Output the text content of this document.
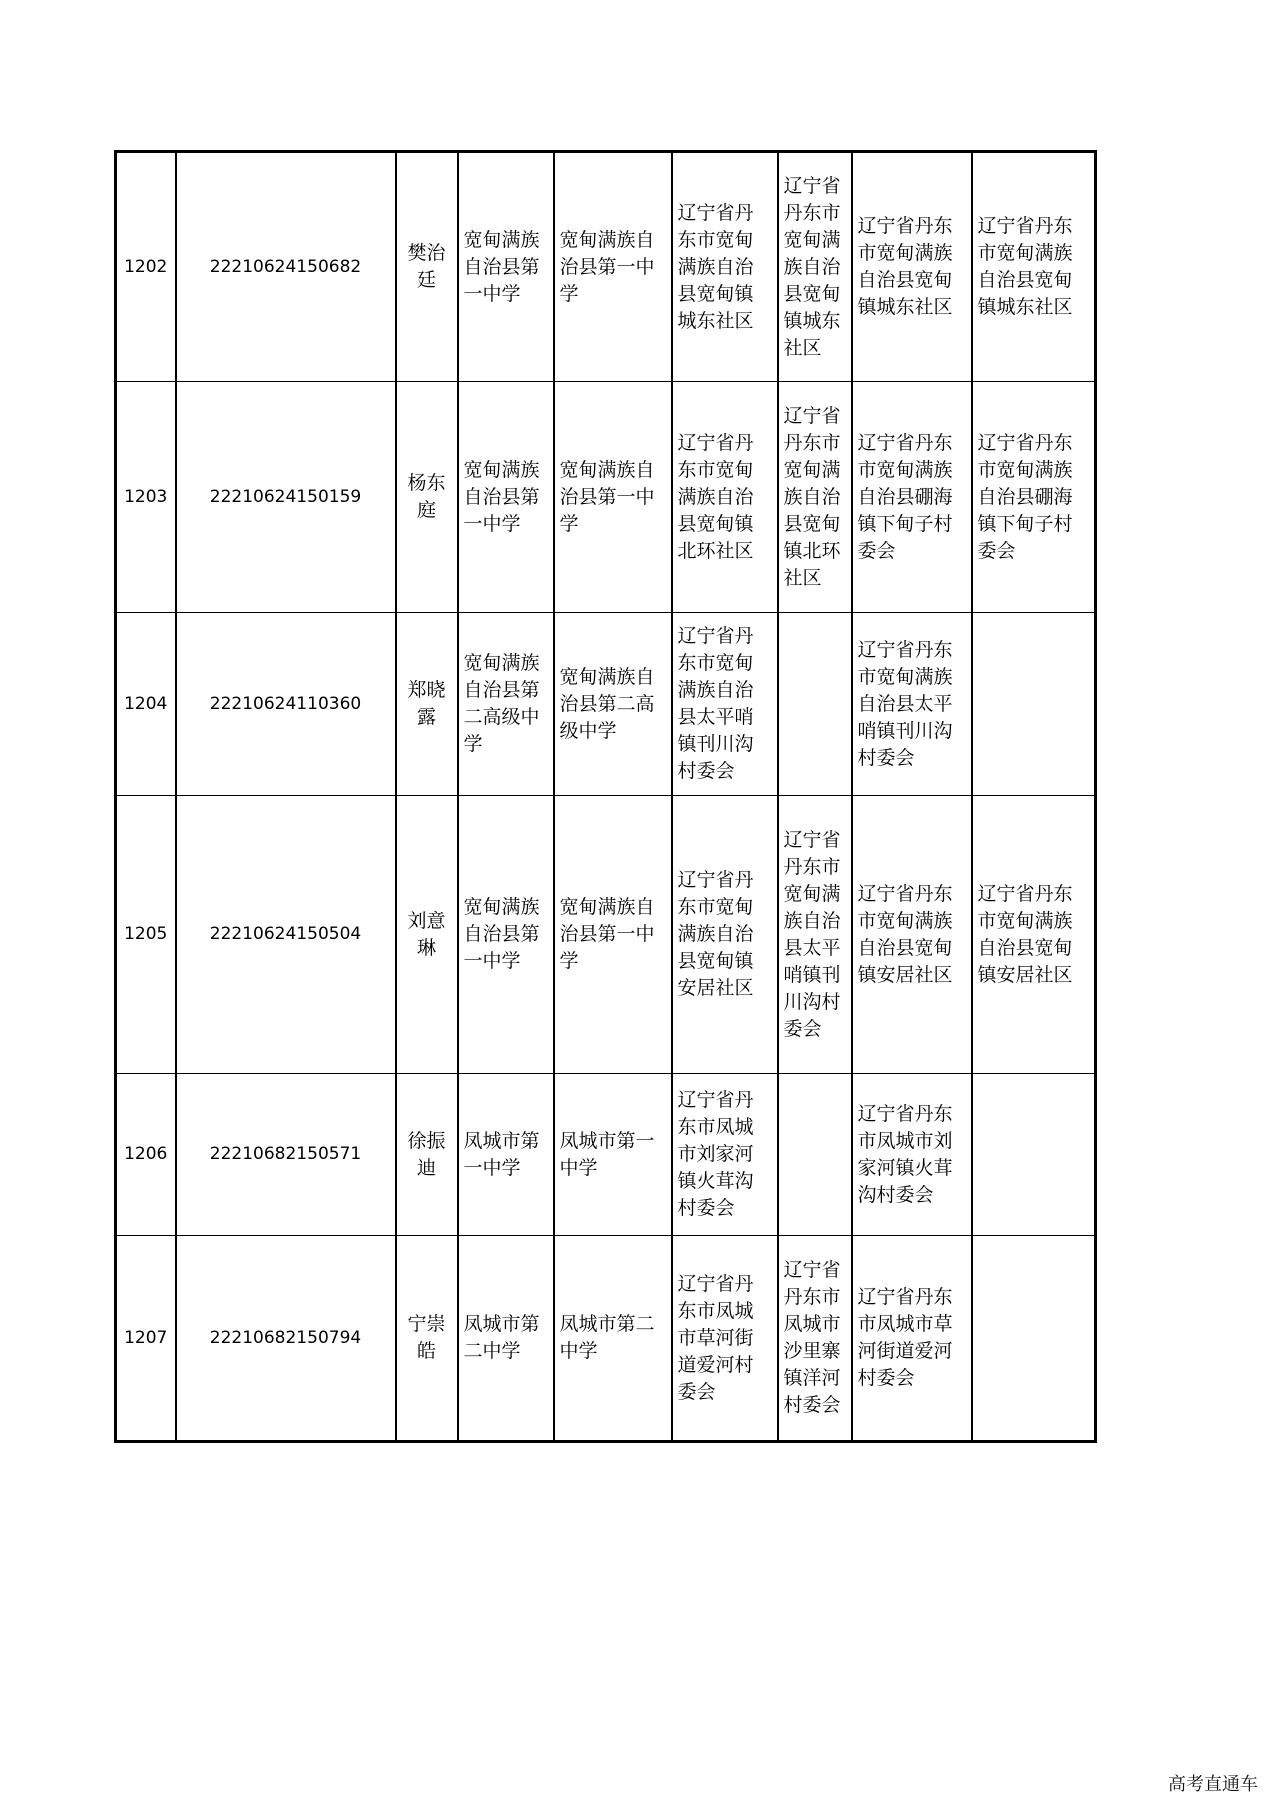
1202	22210624150682	樊治廷	宽甸满族自治县第一中学	宽甸满族自治县第一中学	辽宁省丹东市宽甸满族自治县宽甸镇城东社区	辽宁省丹东市宽甸满族自治县宽甸镇城东社区	辽宁省丹东市宽甸满族自治县宽甸镇城东社区	辽宁省丹东市宽甸满族自治县宽甸镇城东社区
1203	22210624150159	杨东庭	宽甸满族自治县第一中学	宽甸满族自治县第一中学	辽宁省丹东市宽甸满族自治县宽甸镇北环社区	辽宁省丹东市宽甸满族自治县宽甸镇北环社区	辽宁省丹东市宽甸满族自治县硼海镇下甸子村委会	辽宁省丹东市宽甸满族自治县硼海镇下甸子村委会
1204	22210624110360	郑晓露	宽甸满族自治县第二高级中学	宽甸满族自治县第二高级中学	辽宁省丹东市宽甸满族自治县太平哨镇刊川沟村委会		辽宁省丹东市宽甸满族自治县太平哨镇刊川沟村委会	
1205	22210624150504	刘意琳	宽甸满族自治县第一中学	宽甸满族自治县第一中学	辽宁省丹东市宽甸满族自治县宽甸镇安居社区	辽宁省丹东市宽甸满族自治县太平哨镇刊川沟村委会	辽宁省丹东市宽甸满族自治县宽甸镇安居社区	辽宁省丹东市宽甸满族自治县宽甸镇安居社区
1206	22210682150571	徐振迪	凤城市第一中学	凤城市第一中学	辽宁省丹东市凤城市刘家河镇火茸沟村委会		辽宁省丹东市凤城市刘家河镇火茸沟村委会	
1207	22210682150794	宁崇皓	凤城市第二中学	凤城市第二中学	辽宁省丹东市凤城市草河街道爱河村委会	辽宁省丹东市凤城市沙里寨镇洋河村委会	辽宁省丹东市凤城市草河街道爱河村委会	
高考直通车
